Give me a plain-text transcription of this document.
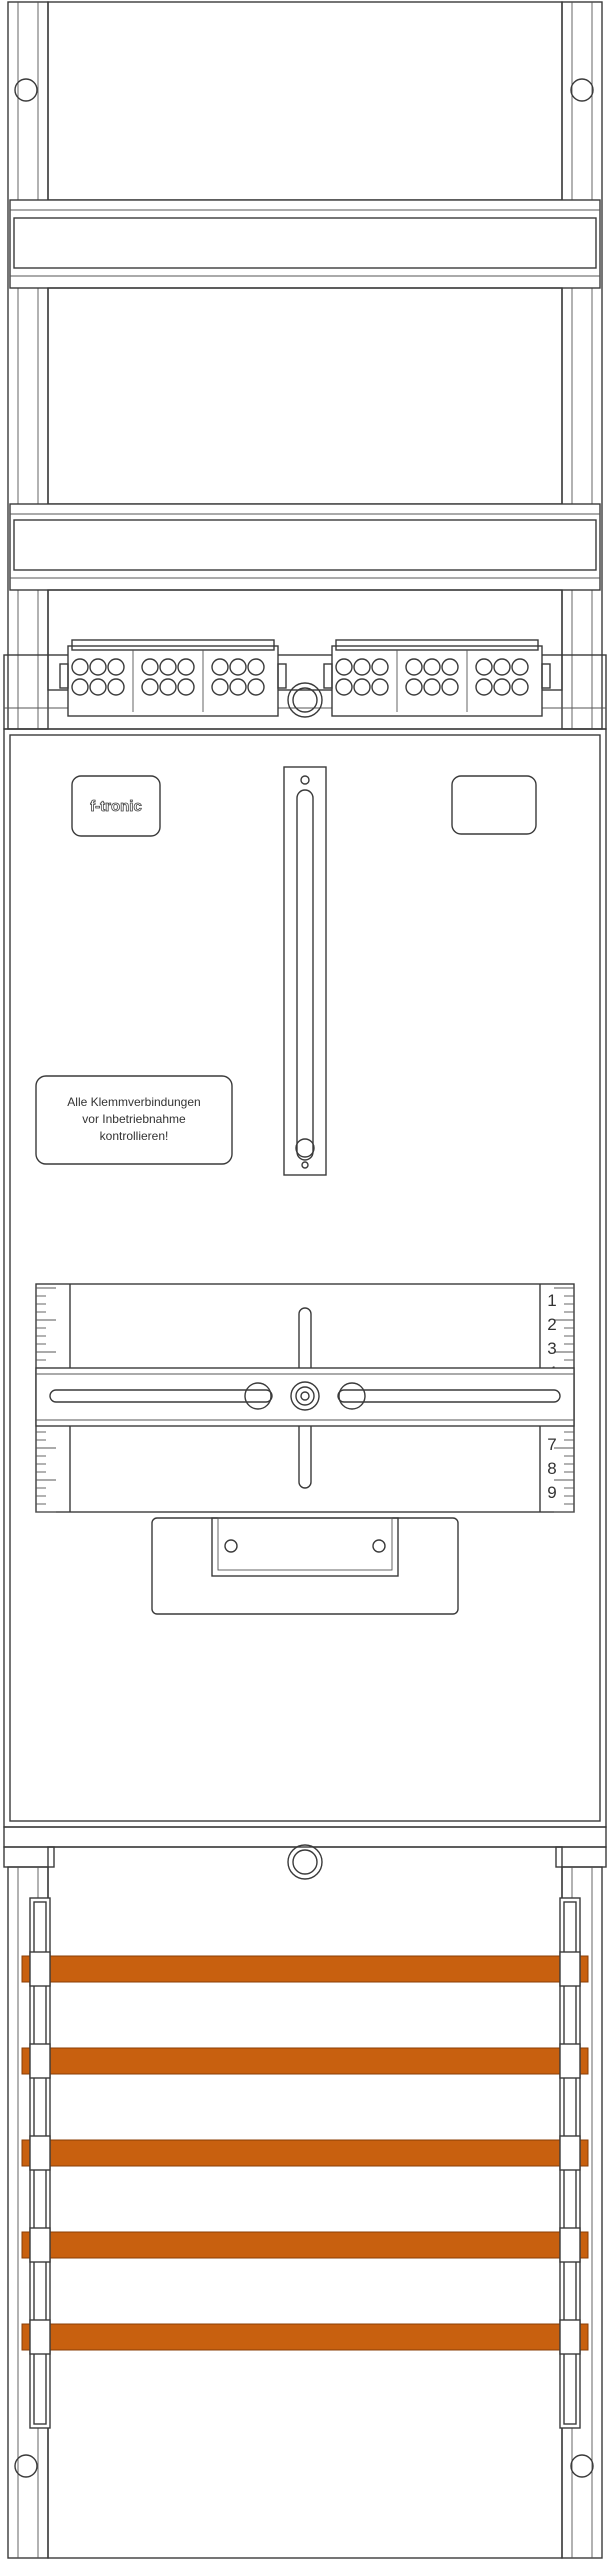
f-tronic
Alle Klemmverbindungen
vor Inbetriebnahme
kontrollieren!
1
2
3
7
8
9
